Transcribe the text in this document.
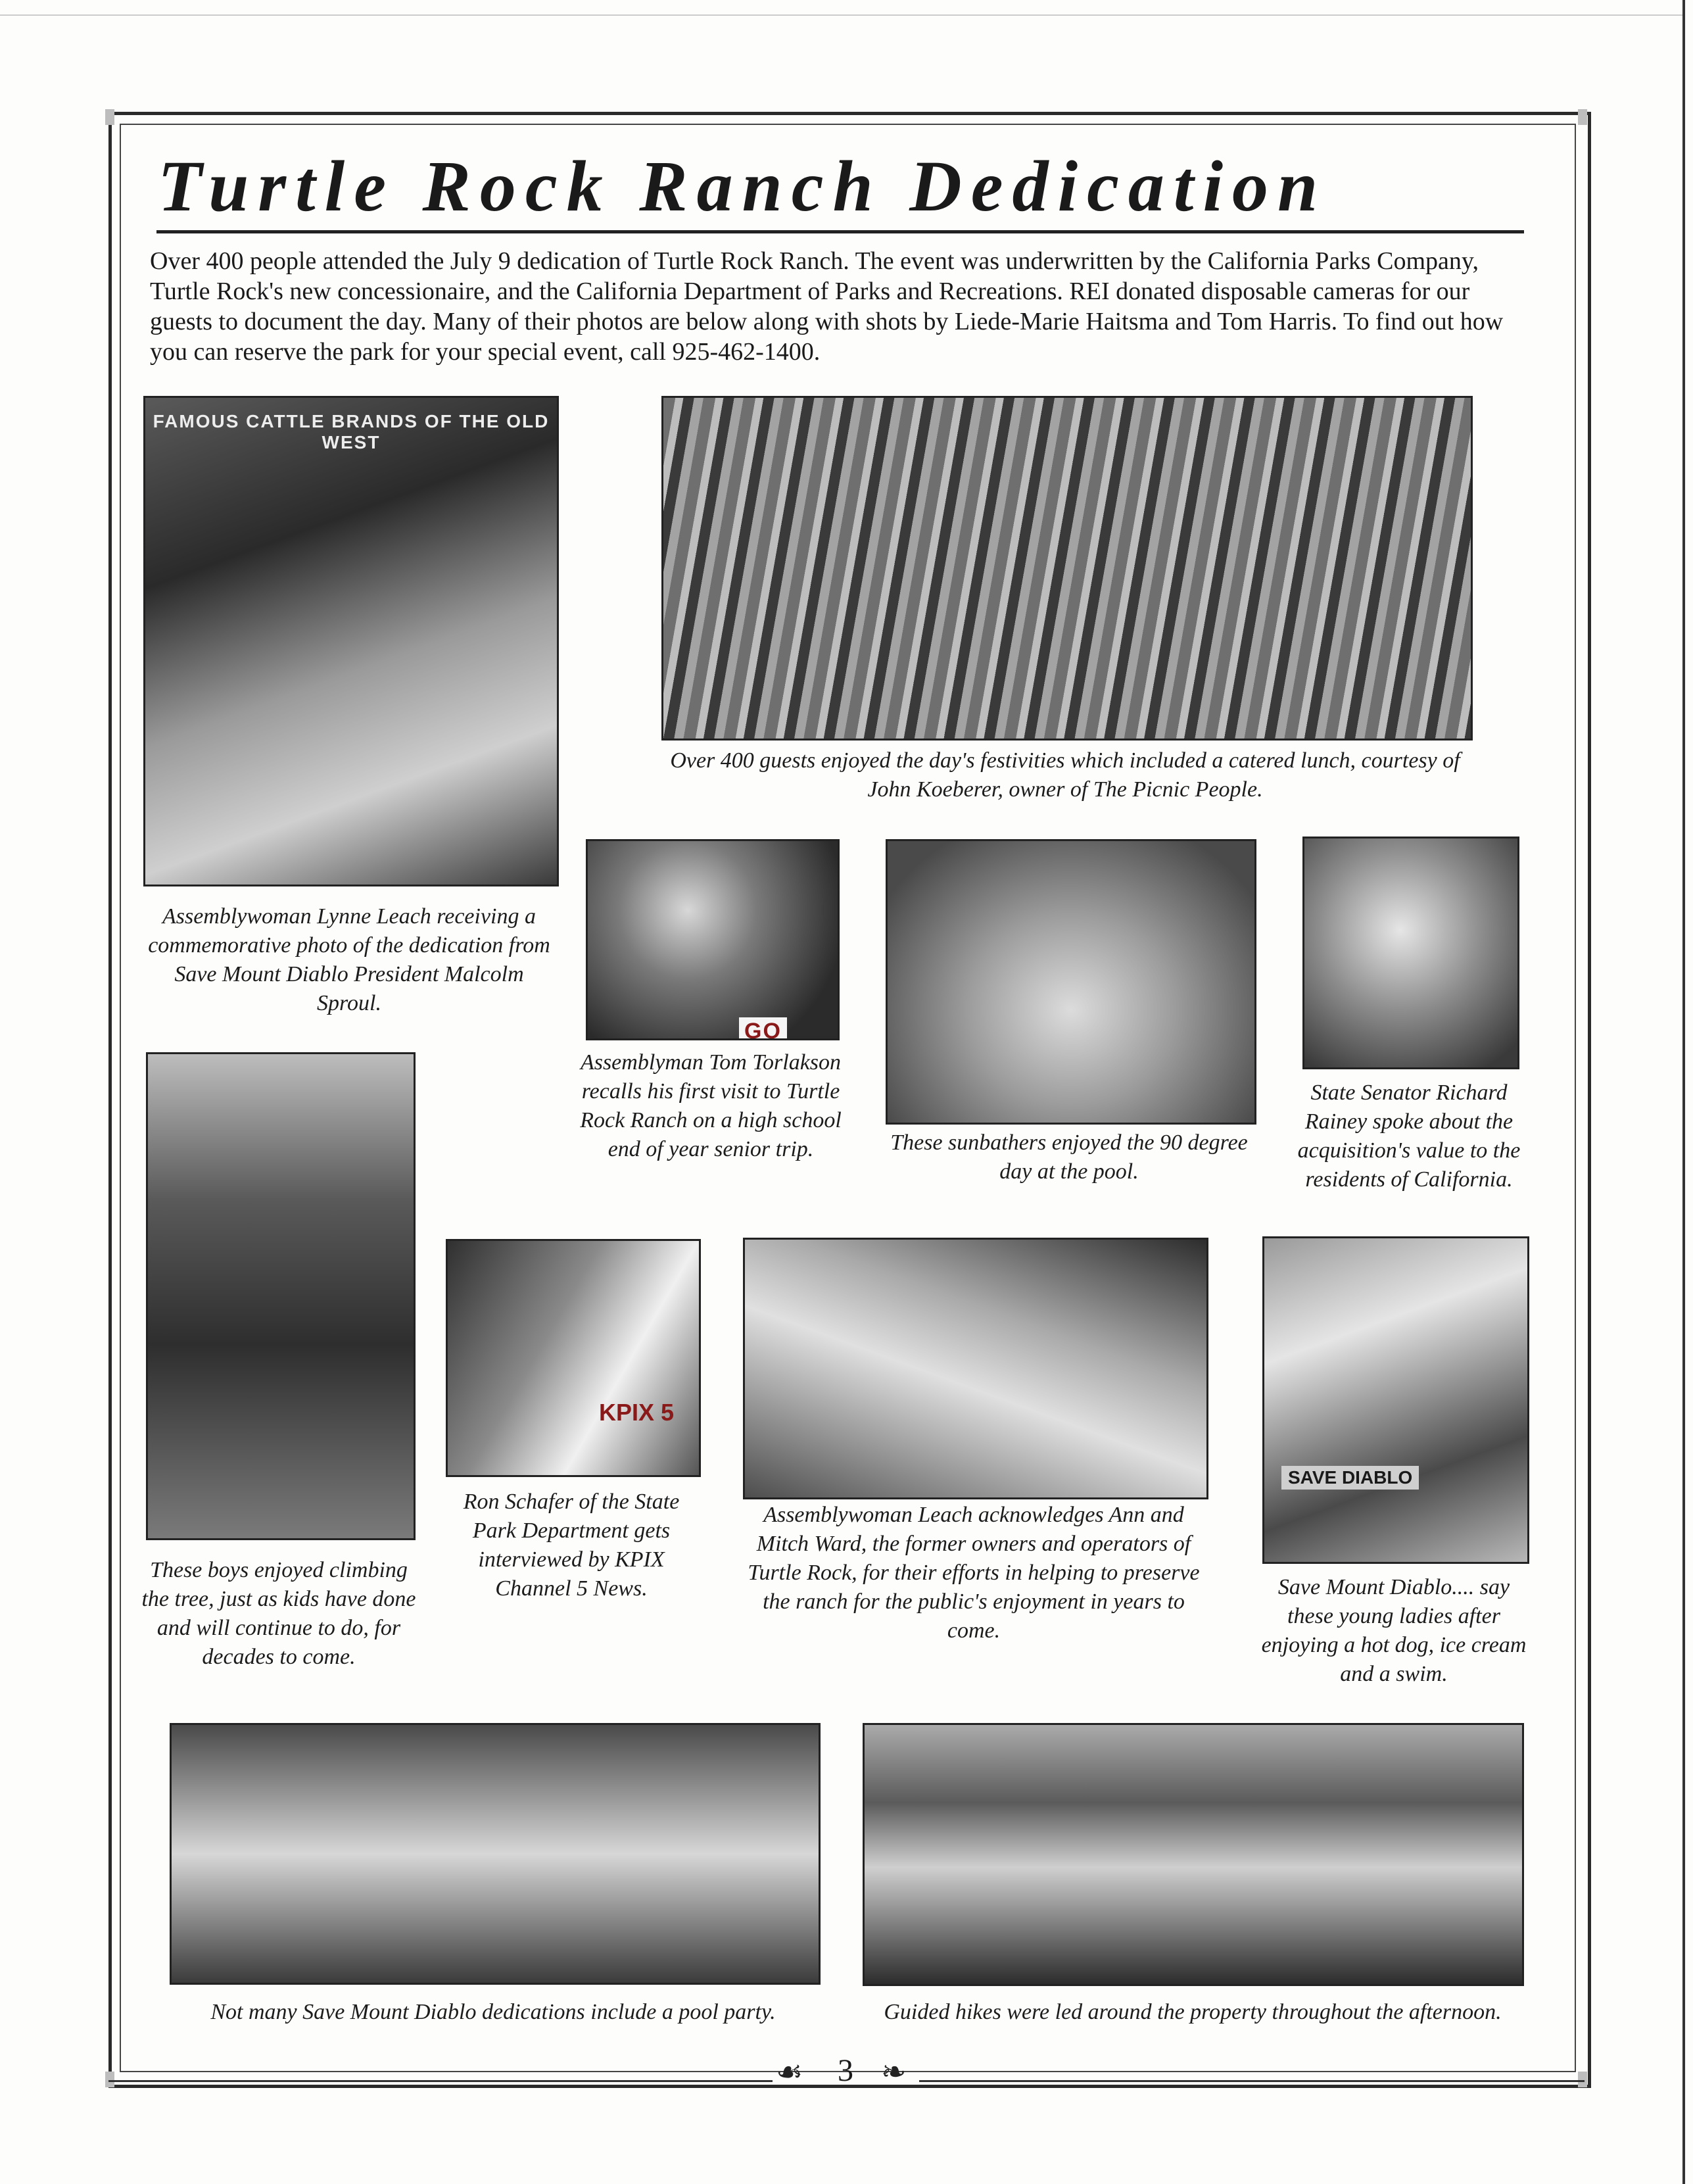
Turtle Rock Ranch Dedication

Over 400 people attended the July 9 dedication of Turtle Rock Ranch. The event was underwritten by the California Parks Company, Turtle Rock's new concessionaire, and the California Department of Parks and Recreations. REI donated disposable cameras for our guests to document the day. Many of their photos are below along with shots by Liede-Marie Haitsma and Tom Harris. To find out how you can reserve the park for your special event, call 925-462-1400.

FAMOUS CATTLE BRANDS OF THE OLD WEST
GO
KPIX 5
SAVE DIABLO

Assemblywoman Lynne Leach receiving a commemorative photo of the dedication from Save Mount Diablo President Malcolm Sproul.

Over 400 guests enjoyed the day's festivities which included a catered lunch, courtesy of John Koeberer, owner of The Picnic People.

Assemblyman Tom Torlakson recalls his first visit to Turtle Rock Ranch on a high school end of year senior trip.	These sunbathers enjoyed the 90 degree day at the pool.

State Senator Richard Rainey spoke about the acquisition's value to the residents of California.

These boys enjoyed climbing the tree, just as kids have done and will continue to do, for decades to come.

Ron Schafer of the State Park Department gets interviewed by KPIX Channel 5 News.

Assemblywoman Leach acknowledges Ann and Mitch Ward, the former owners and operators of Turtle Rock, for their efforts in helping to preserve the ranch for the public's enjoyment in years to come.

Save Mount Diablo.... say these young ladies after enjoying a hot dog, ice cream and a swim.

Not many Save Mount Diablo dedications include a pool party.	Guided hikes were led around the property throughout the afternoon.

☙ 3 ❧
